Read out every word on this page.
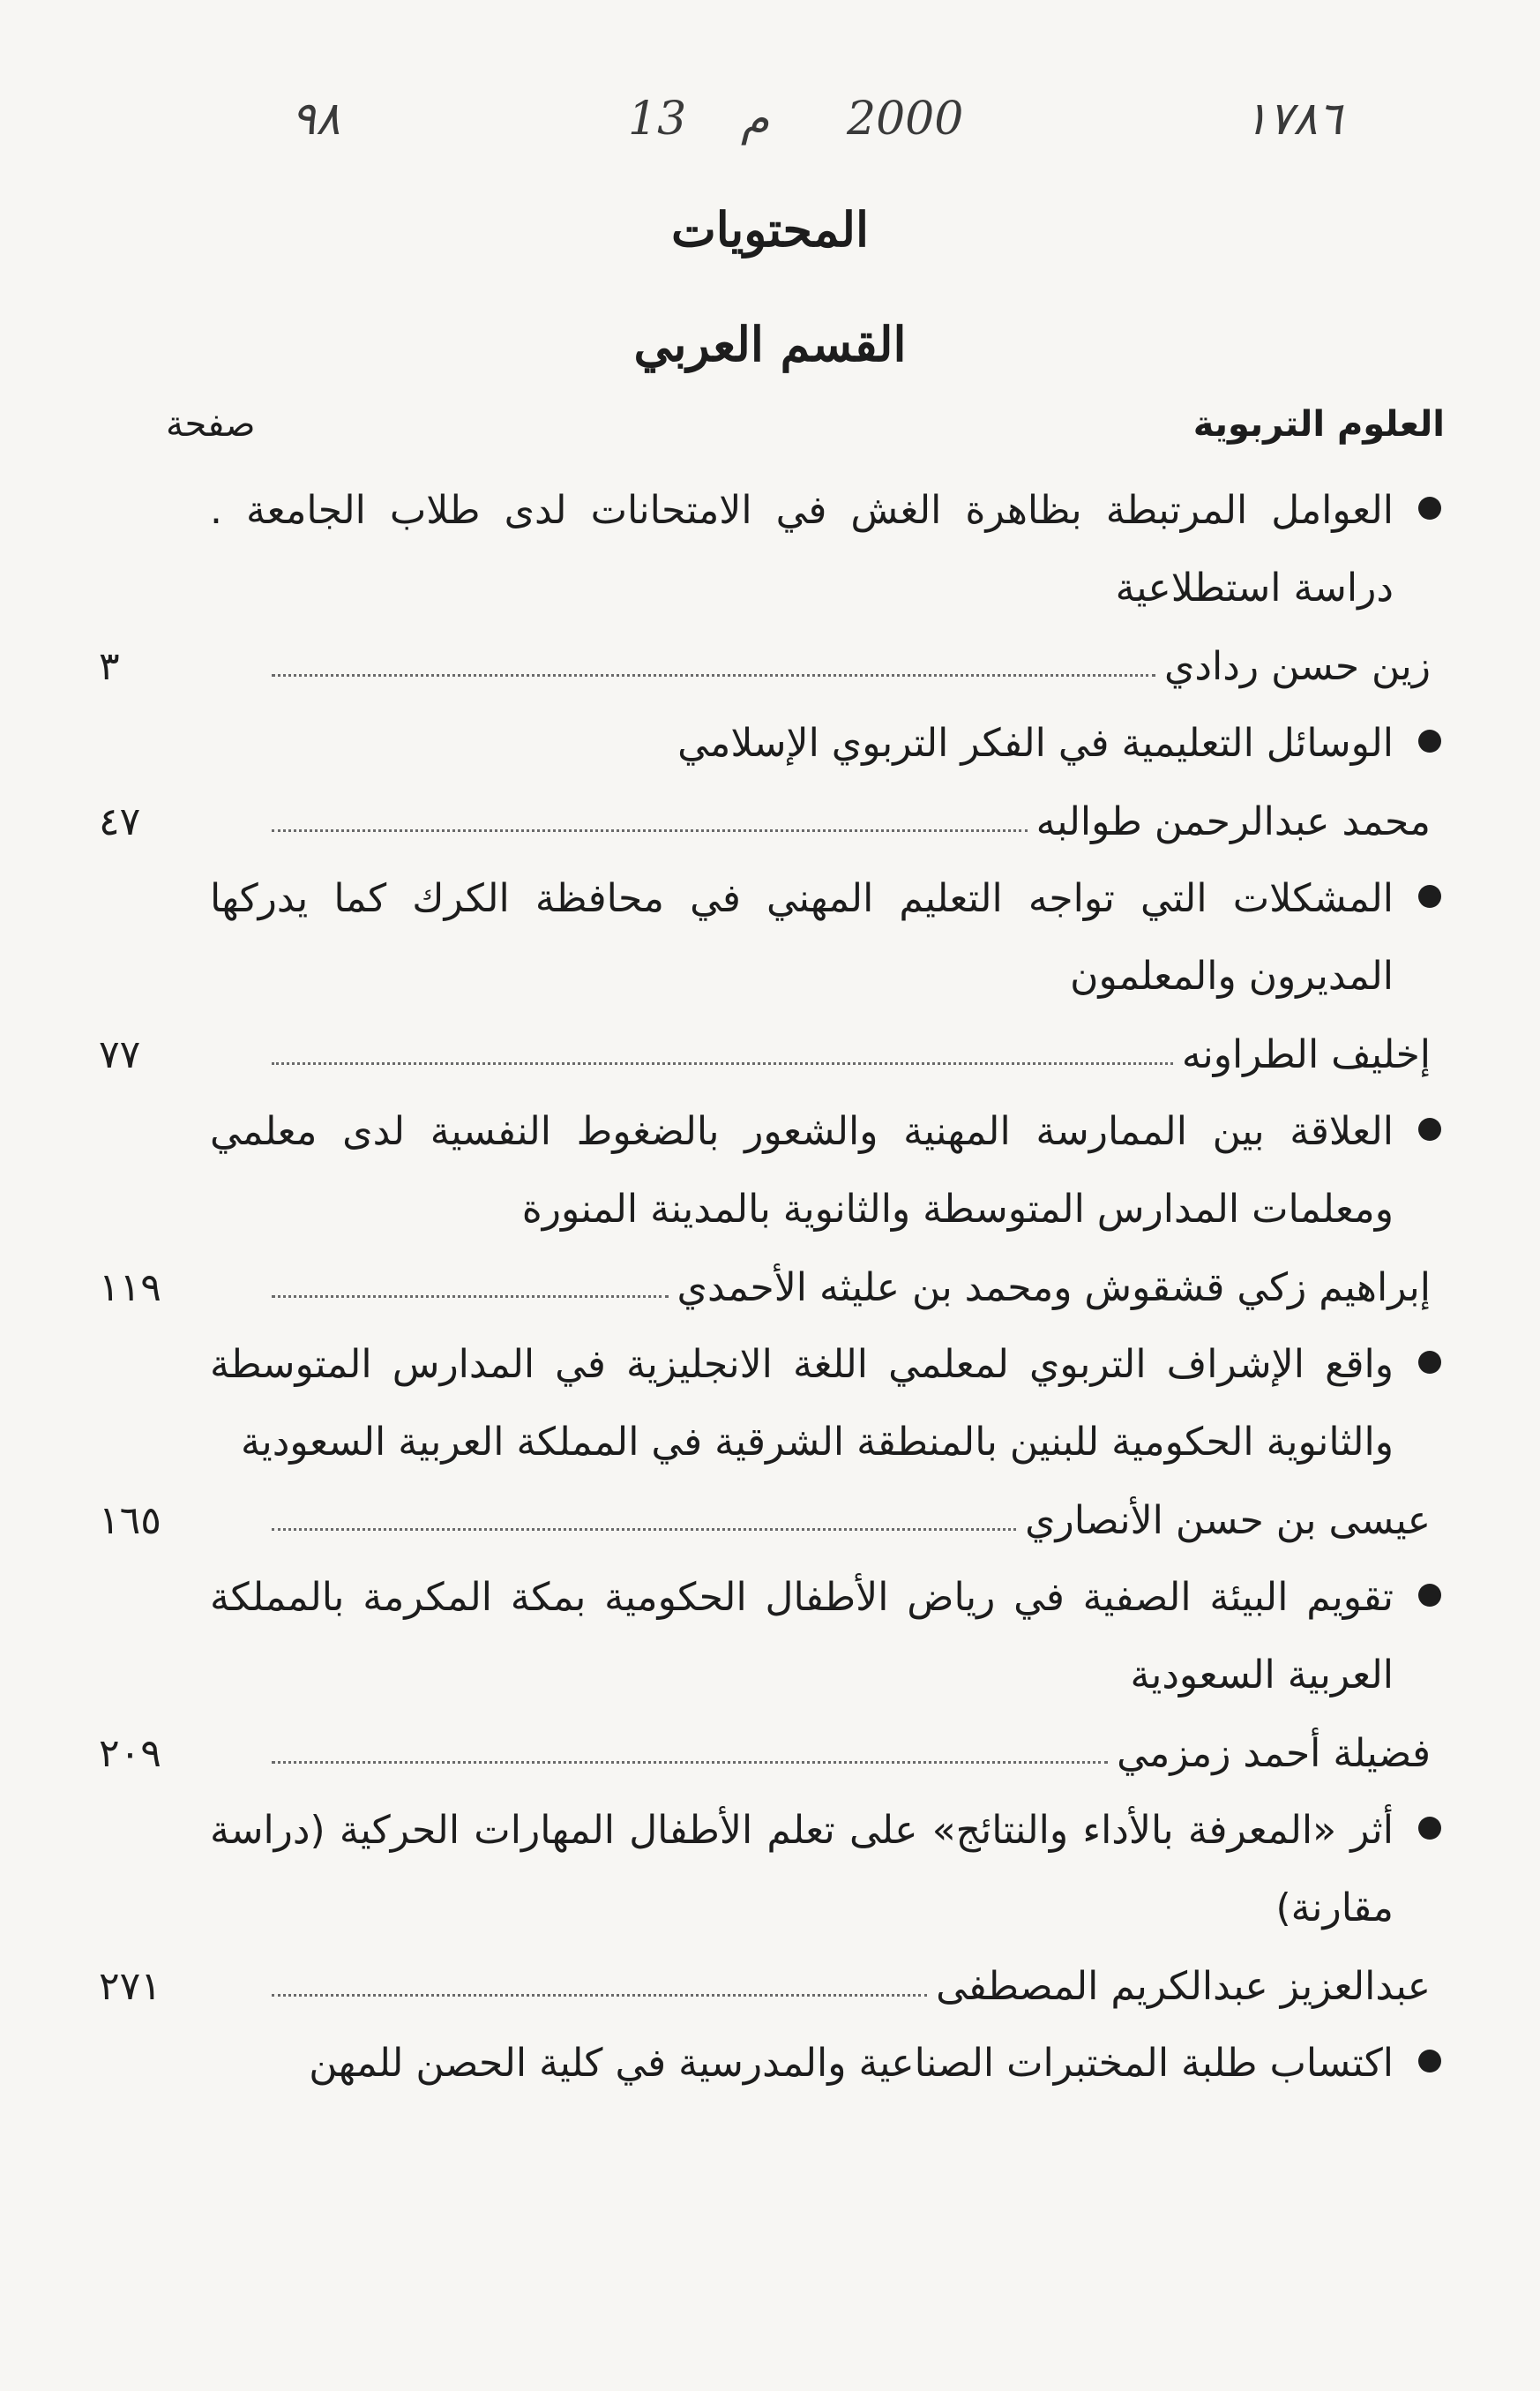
٩٨	13 م 2000	١٧٨٦
المحتويات
القسم العربي
العلوم التربوية
صفحة
العوامل المرتبطة بظاهرة الغش في الامتحانات لدى طلاب الجامعة .
دراسة استطلاعية
زين حسن ردادي
٣
الوسائل التعليمية في الفكر التربوي الإسلامي
محمد عبدالرحمن طوالبه
٤٧
المشكلات التي تواجه التعليم المهني في محافظة الكرك كما يدركها
المديرون والمعلمون
إخليف الطراونه
٧٧
العلاقة بين الممارسة المهنية والشعور بالضغوط النفسية لدى معلمي
ومعلمات المدارس المتوسطة والثانوية بالمدينة المنورة
إبراهيم زكي قشقوش ومحمد بن عليثه الأحمدي
١١٩
واقع الإشراف التربوي لمعلمي اللغة الانجليزية في المدارس المتوسطة
والثانوية الحكومية للبنين بالمنطقة الشرقية في المملكة العربية السعودية
عيسى بن حسن الأنصاري
١٦٥
تقويم البيئة الصفية في رياض الأطفال الحكومية بمكة المكرمة بالمملكة
العربية السعودية
فضيلة أحمد زمزمي
٢٠٩
أثر «المعرفة بالأداء والنتائج» على تعلم الأطفال المهارات الحركية (دراسة
مقارنة)
عبدالعزيز عبدالكريم المصطفى
٢٧١
اكتساب طلبة المختبرات الصناعية والمدرسية في كلية الحصن للمهن
